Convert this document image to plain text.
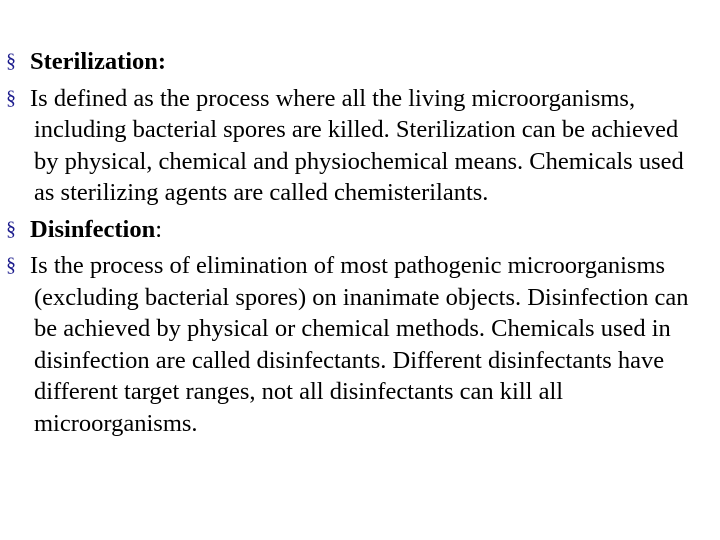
§ Sterilization:
§ Is defined as the process where all the living microorganisms, including bacterial spores are killed. Sterilization can be achieved by physical, chemical and physiochemical means. Chemicals used as sterilizing agents are called chemisterilants.
§ Disinfection:
§ Is the process of elimination of most pathogenic microorganisms (excluding bacterial spores) on inanimate objects. Disinfection can be achieved by physical or chemical methods. Chemicals used in disinfection are called disinfectants. Different disinfectants have different target ranges, not all disinfectants can kill all microorganisms.
